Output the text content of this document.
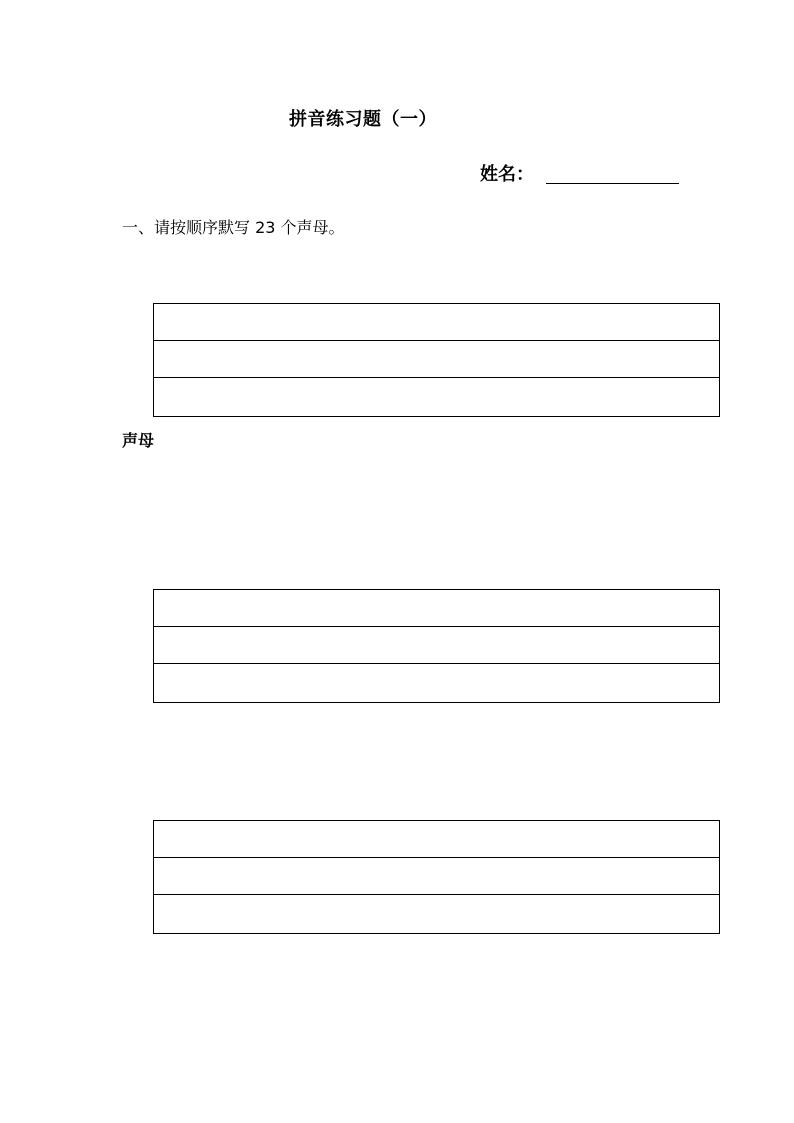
拼音练习题（一）
姓名：
一、请按顺序默写 23 个声母。
声母
